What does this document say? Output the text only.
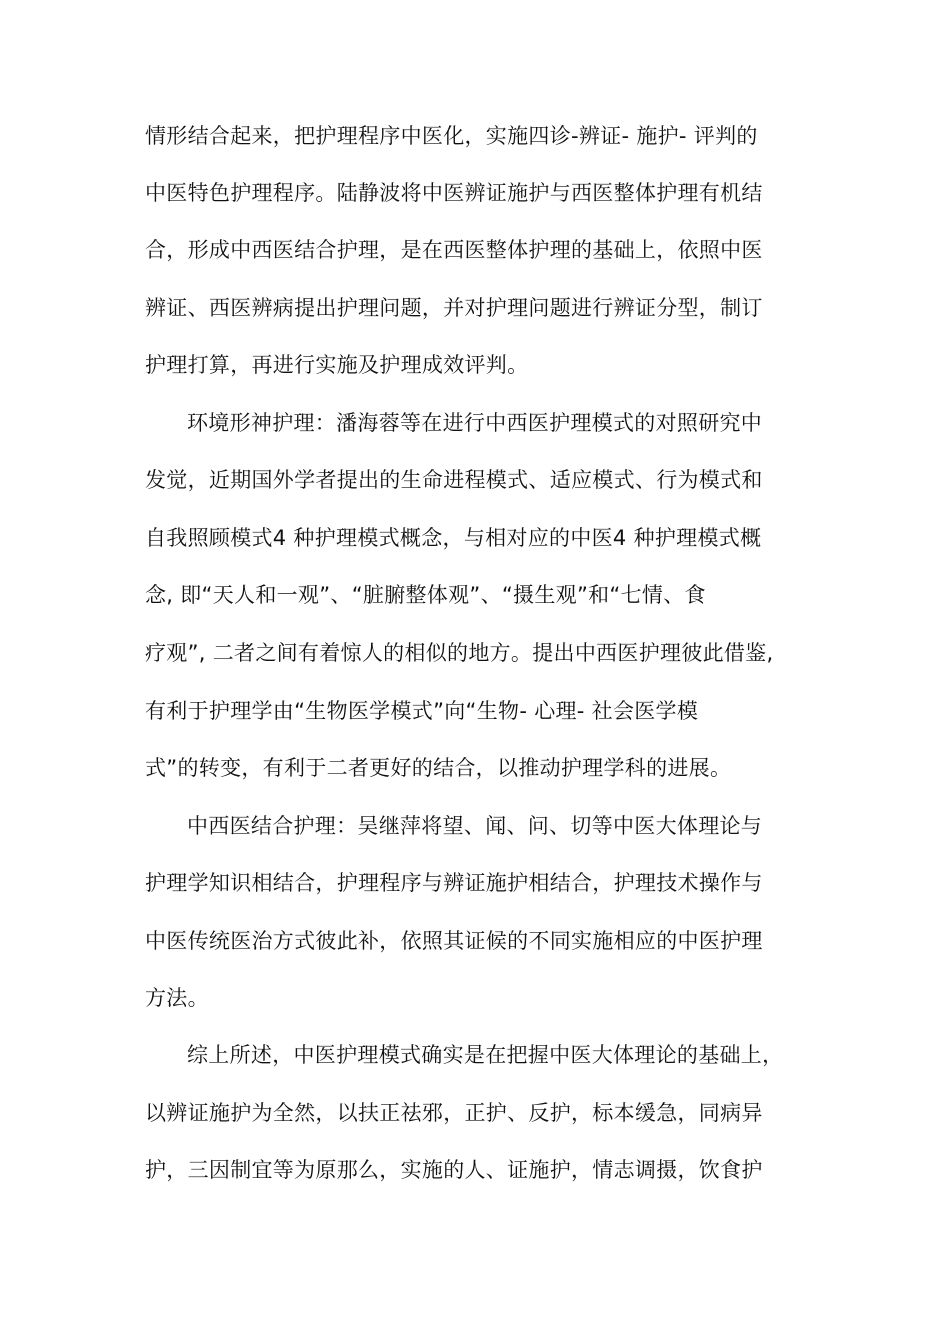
情形结合起来，把护理程序中医化，实施四诊-辨证- 施护- 评判的
中医特色护理程序。陆静波将中医辨证施护与西医整体护理有机结
合，形成中西医结合护理，是在西医整体护理的基础上，依照中医
辨证、西医辨病提出护理问题，并对护理问题进行辨证分型，制订
护理打算，再进行实施及护理成效评判。
环境形神护理：潘海蓉等在进行中西医护理模式的对照研究中
发觉，近期国外学者提出的生命进程模式、适应模式、行为模式和
自我照顾模式4 种护理模式概念，与相对应的中医4 种护理模式概
念, 即“天人和一观”、“脏腑整体观”、“摄生观”和“七情、食
疗观”, 二者之间有着惊人的相似的地方。提出中西医护理彼此借鉴,
有利于护理学由“生物医学模式”向“生物- 心理- 社会医学模
式”的转变，有利于二者更好的结合，以推动护理学科的进展。
中西医结合护理：吴继萍将望、闻、问、切等中医大体理论与
护理学知识相结合，护理程序与辨证施护相结合，护理技术操作与
中医传统医治方式彼此补，依照其证候的不同实施相应的中医护理
方法。
综上所述，中医护理模式确实是在把握中医大体理论的基础上，
以辨证施护为全然，以扶正祛邪，正护、反护，标本缓急，同病异
护，三因制宜等为原那么，实施的人、证施护，情志调摄，饮食护
